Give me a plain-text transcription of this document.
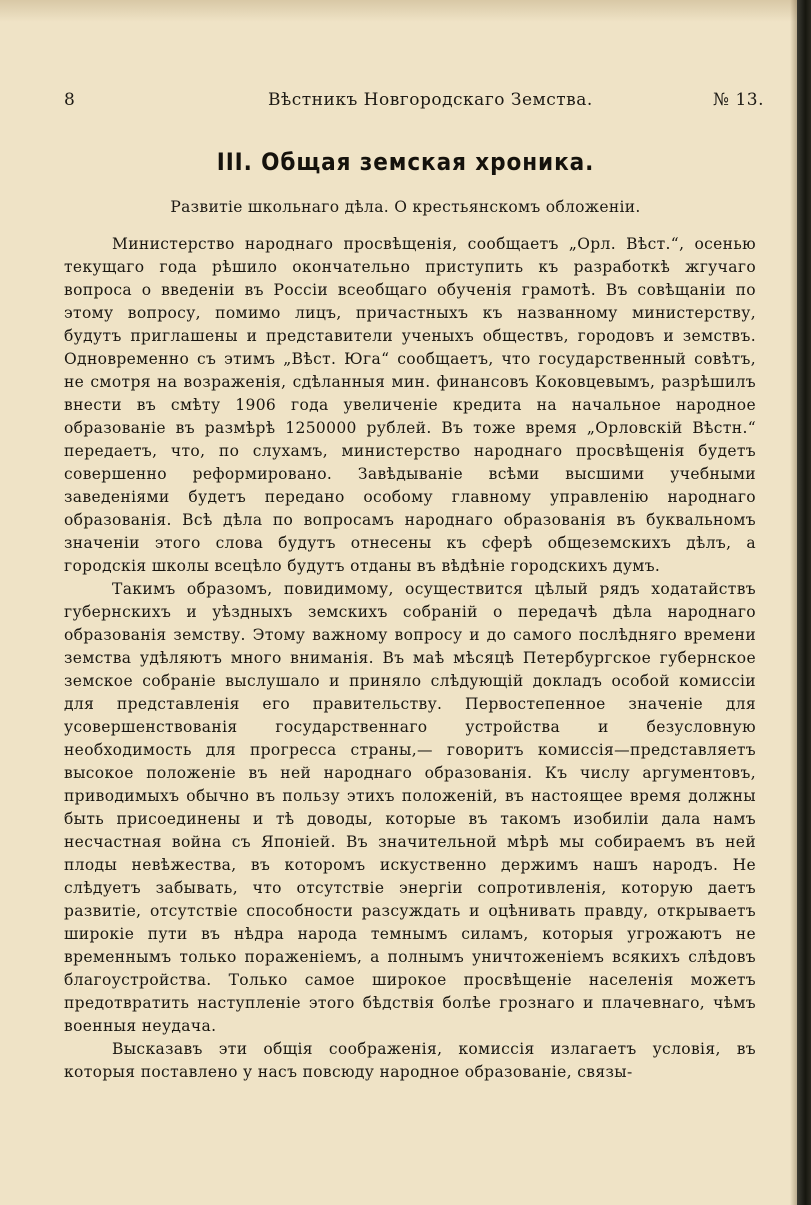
8	Вѣстникъ Новгородскаго Земства.	№ 13.
III. Общая земская хроника.
Развитіе школьнаго дѣла. О крестьянскомъ обложеніи.

Министерство народнаго просвѣщенія, сообщаетъ „Орл. Вѣст.“, осенью текущаго года рѣшило окончательно приступить къ разработкѣ жгучаго вопроса о введеніи въ Россіи всеобщаго обученія грамотѣ. Въ совѣщаніи по этому вопросу, помимо лицъ, причастныхъ къ названному министерству, будутъ приглашены и представители ученыхъ обществъ, городовъ и земствъ. Одновременно съ этимъ „Вѣст. Юга“ сообщаетъ, что государственный совѣтъ, не смотря на возраженія, сдѣланныя мин. финансовъ Коковцевымъ, разрѣшилъ внести въ смѣту 1906 года увеличеніе кредита на начальное народное образованіе въ размѣрѣ 1250000 рублей. Въ тоже время „Орловскій Вѣстн.“ передаетъ, что, по слухамъ, министерство народнаго просвѣщенія будетъ совершенно реформировано. Завѣдываніе всѣми высшими учебными заведеніями будетъ передано особому главному управленію народнаго образованія. Всѣ дѣла по вопросамъ народнаго образованія въ буквальномъ значеніи этого слова будутъ отнесены къ сферѣ общеземскихъ дѣлъ, а городскія школы всецѣло будутъ отданы въ вѣдѣніе городскихъ думъ.

Такимъ образомъ, повидимому, осуществится цѣлый рядъ ходатайствъ губернскихъ и уѣздныхъ земскихъ собраній о передачѣ дѣла народнаго образованія земству. Этому важному вопросу и до самого послѣдняго времени земства удѣляютъ много вниманія. Въ маѣ мѣсяцѣ Петербургское губернское земское собраніе выслушало и приняло слѣдующій докладъ особой комиссіи для представленія его правительству. Первостепенное значеніе для усовершенствованія государственнаго устройства и безусловную необходимость для прогресса страны,— говоритъ комиссія—представляетъ высокое положеніе въ ней народнаго образованія. Къ числу аргументовъ, приводимыхъ обычно въ пользу этихъ положеній, въ настоящее время должны быть присоединены и тѣ доводы, которые въ такомъ изобиліи дала намъ несчастная война съ Японіей. Въ значительной мѣрѣ мы собираемъ въ ней плоды невѣжества, въ которомъ искуственно держимъ нашъ народъ. Не слѣдуетъ забывать, что отсутствіе энергіи сопротивленія, которую даетъ развитіе, отсутствіе способности разсуждать и оцѣнивать правду, открываетъ широкіе пути въ нѣдра народа темнымъ силамъ, которыя угрожаютъ не временнымъ только пораженіемъ, а полнымъ уничтоженіемъ всякихъ слѣдовъ благоустройства. Только самое широкое просвѣщеніе населенія можетъ предотвратить наступленіе этого бѣдствія болѣе грознаго и плачевнаго, чѣмъ военныя неудача.

Высказавъ эти общія соображенія, комиссія излагаетъ условія, въ которыя поставлено у насъ повсюду народное образованіе, связы-
